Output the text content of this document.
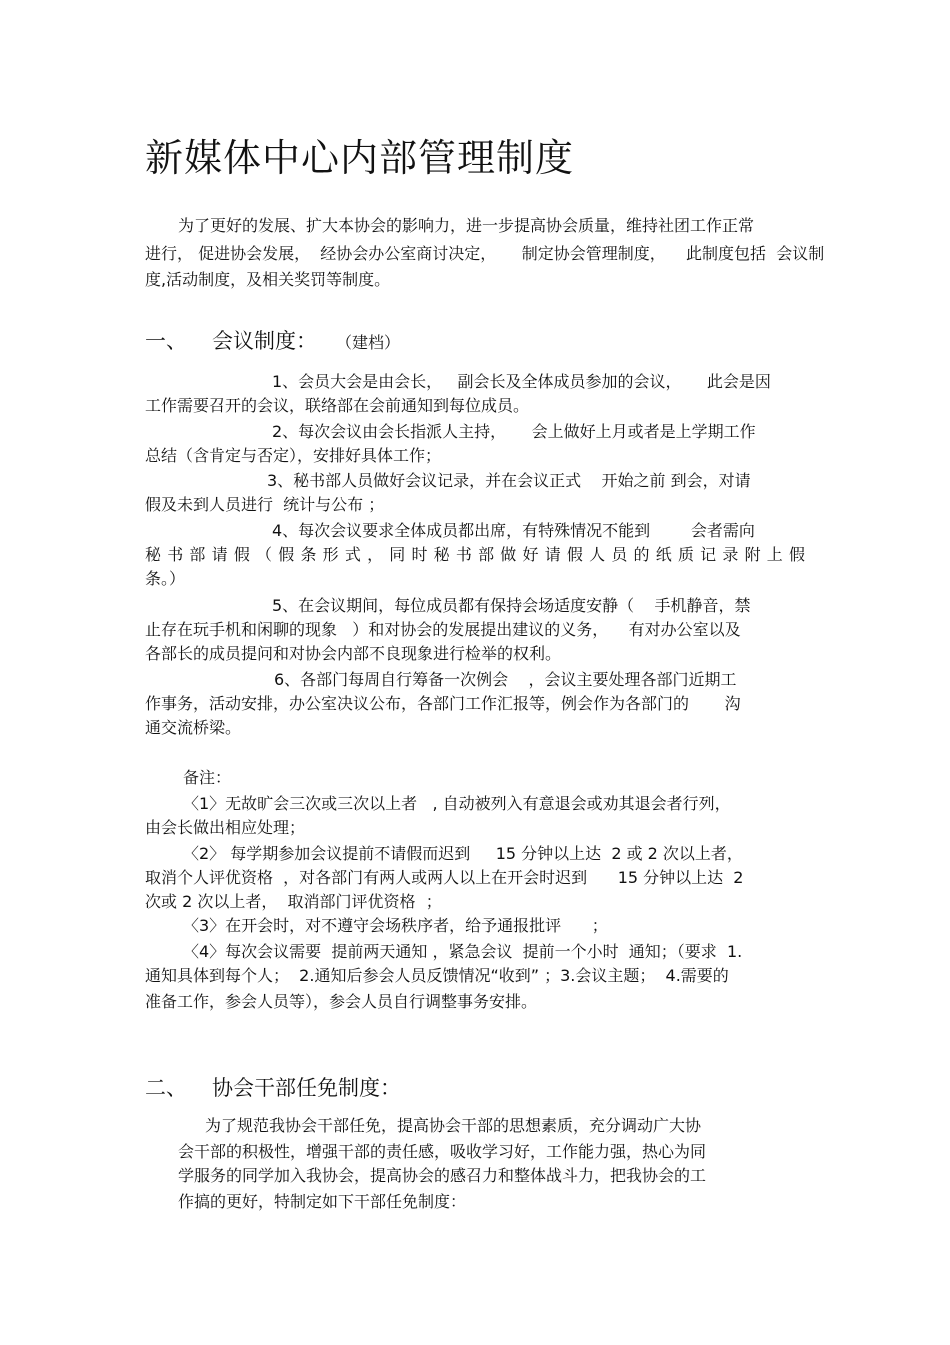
新媒体中心内部管理制度

为了更好的发展、扩大本协会的影响力，进一步提高协会质量，维持社团工作正常

进行， 促进协会发展，  经协会办公室商讨决定，     制定协会管理制度，    此制度包括  会议制

度,活动制度，及相关奖罚等制度。

一、 会议制度： （建档）

1、会员大会是由会长，   副会长及全体成员参加的会议，     此会是因

工作需要召开的会议，联络部在会前通知到每位成员。

2、每次会议由会长指派人主持，     会上做好上月或者是上学期工作

总结（含肯定与否定），安排好具体工作；

3、秘书部人员做好会议记录，并在会议正式    开始之前 到会，对请

假及未到人员进行  统计与公布 ；

4、每次会议要求全体成员都出席，有特殊情况不能到        会者需向

秘书部请假（假条形式，同时秘书部做好请假人员的纸质记录附上假

条。）

5、在会议期间，每位成员都有保持会场适度安静（    手机静音，禁

止存在玩手机和闲聊的现象   ）和对协会的发展提出建议的义务，    有对办公室以及

各部长的成员提问和对协会内部不良现象进行检举的权利。

6、各部门每周自行筹备一次例会    ，会议主要处理各部门近期工

作事务，活动安排，办公室决议公布，各部门工作汇报等，例会作为各部门的       沟

通交流桥梁。

备注：

〈1〉无故旷会三次或三次以上者   , 自动被列入有意退会或劝其退会者行列，

由会长做出相应处理；

〈2〉 每学期参加会议提前不请假而迟到     15 分钟以上达  2 或 2 次以上者，

取消个人评优资格  ，对各部门有两人或两人以上在开会时迟到      15 分钟以上达  2

次或 2 次以上者，  取消部门评优资格  ；

〈3〉在开会时，对不遵守会场秩序者，给予通报批评      ；

〈4〉每次会议需要  提前两天通知 ，紧急会议  提前一个小时  通知；（要求  1.

通知具体到每个人；  2.通知后参会人员反馈情况“收到” ；3.会议主题；  4.需要的

准备工作，参会人员等），参会人员自行调整事务安排。

二、 协会干部任免制度：

为了规范我协会干部任免，提高协会干部的思想素质，充分调动广大协

会干部的积极性，增强干部的责任感，吸收学习好，工作能力强，热心为同

学服务的同学加入我协会，提高协会的感召力和整体战斗力，把我协会的工

作搞的更好，特制定如下干部任免制度：
